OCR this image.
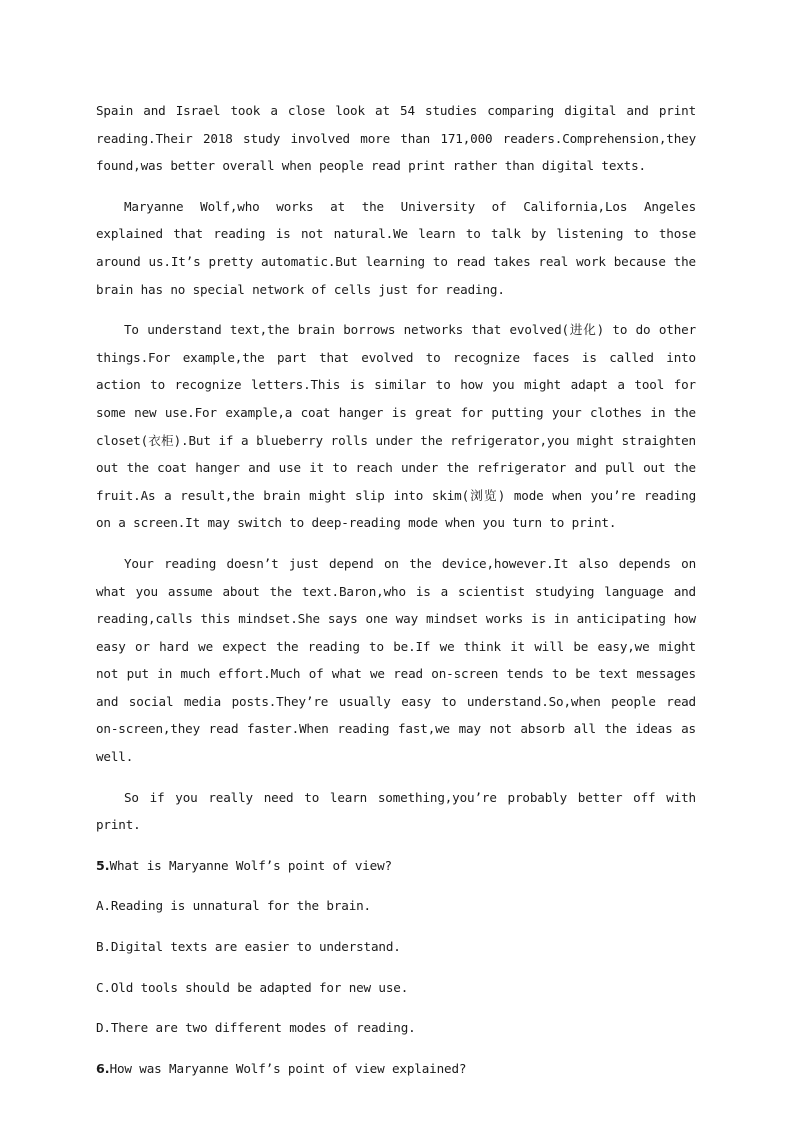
Spain and Israel took a close look at 54 studies comparing digital and print reading.Their 2018 study involved more than 171,000 readers.Comprehension,they found,was better overall when people read print rather than digital texts.

Maryanne Wolf,who works at the University of California,Los Angeles explained that reading is not natural.We learn to talk by listening to those around us.It’s pretty automatic.But learning to read takes real work because the brain has no special network of cells just for reading.

To understand text,the brain borrows networks that evolved(进化) to do other things.For example,the part that evolved to recognize faces is called into action to recognize letters.This is similar to how you might adapt a tool for some new use.For example,a coat hanger is great for putting your clothes in the closet(衣柜).But if a blueberry rolls under the refrigerator,you might straighten out the coat hanger and use it to reach under the refrigerator and pull out the fruit.As a result,the brain might slip into skim(浏览) mode when you’re reading on a screen.It may switch to deep-reading mode when you turn to print.

Your reading doesn’t just depend on the device,however.It also depends on what you assume about the text.Baron,who is a scientist studying language and reading,calls this mindset.She says one way mindset works is in anticipating how easy or hard we expect the reading to be.If we think it will be easy,we might not put in much effort.Much of what we read on-screen tends to be text messages and social media posts.They’re usually easy to understand.So,when people read on-screen,they read faster.When reading fast,we may not absorb all the ideas as well.

So if you really need to learn something,you’re probably better off with print.

5.What is Maryanne Wolf’s point of view?
A.Reading is unnatural for the brain.
B.Digital texts are easier to understand.
C.Old tools should be adapted for new use.
D.There are two different modes of reading.
6.How was Maryanne Wolf’s point of view explained?
